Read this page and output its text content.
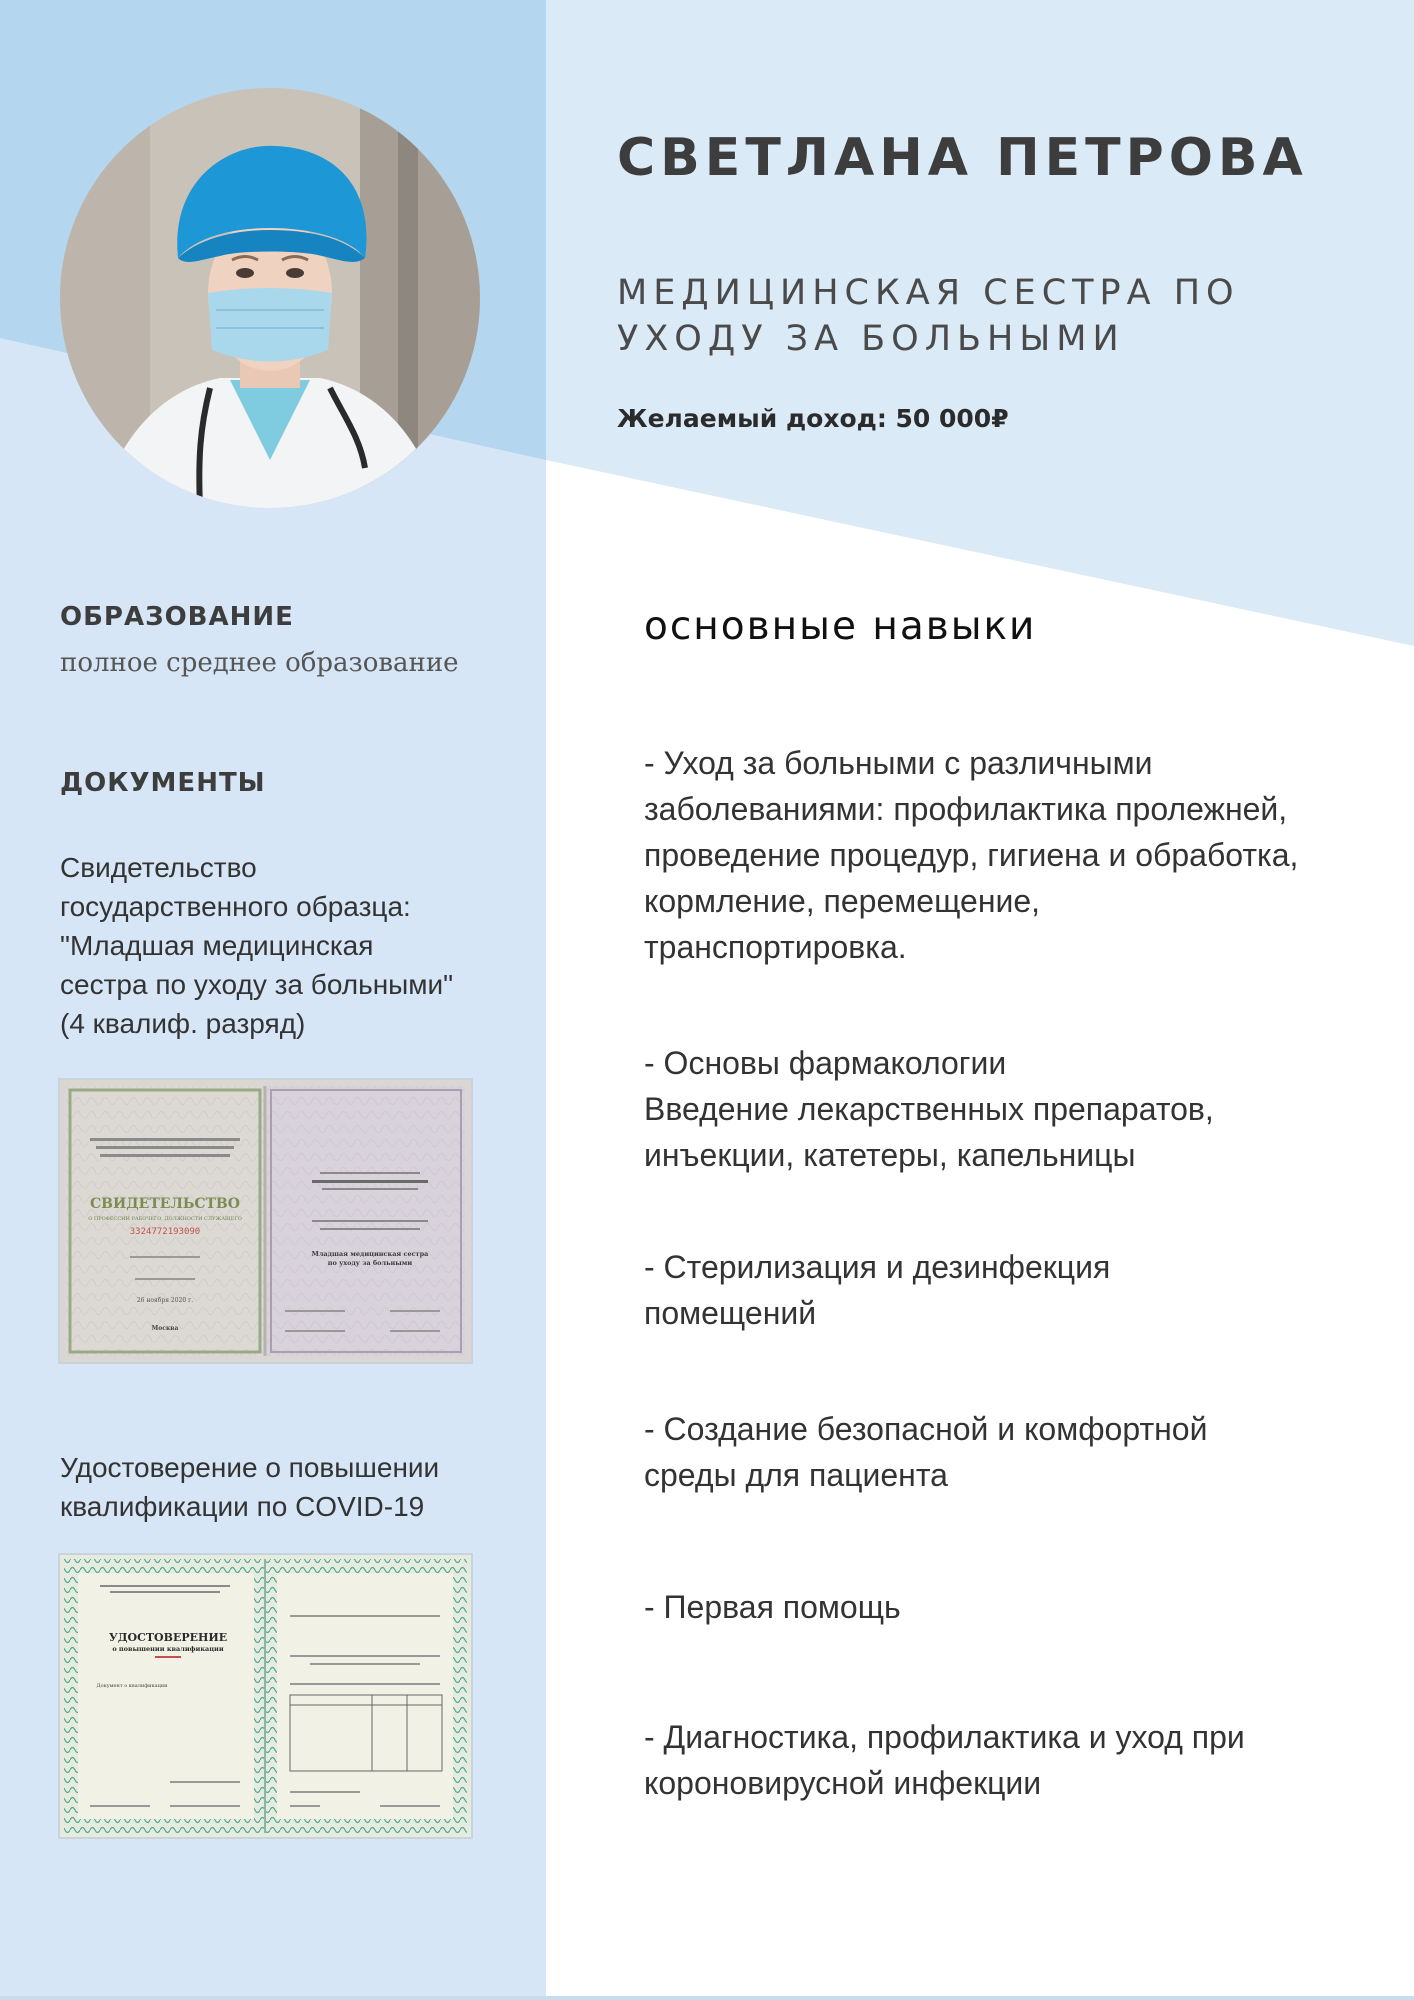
СВЕТЛАНА ПЕТРОВА
МЕДИЦИНСКАЯ СЕСТРА ПО УХОДУ ЗА БОЛЬНЫМИ
Желаемый доход: 50 000₽
ОБРАЗОВАНИЕ
полное среднее образование
ДОКУМЕНТЫ
Свидетельство
государственного образца:
"Младшая медицинская
сестра по уходу за больными"
(4 квалиф. разряд)
СВИДЕТЕЛЬСТВО
О ПРОФЕССИИ РАБОЧЕГО, ДОЛЖНОСТИ СЛУЖАЩЕГО
3324772193090
26 ноября 2020 г.
Москва
Младшая медицинская сестра
по уходу за больными
Удостоверение о повышении
квалификации по COVID-19
УДОСТОВЕРЕНИЕ
о повышении квалификации
Документ о квалификации
основные навыки
- Уход за больными с различными
заболеваниями: профилактика пролежней,
проведение процедур, гигиена и обработка,
кормление, перемещение,
транспортировка.
- Основы фармакологии
Введение лекарственных препаратов,
инъекции, катетеры, капельницы
- Стерилизация и дезинфекция
помещений
- Создание безопасной и комфортной
среды для пациента
- Первая помощь
- Диагностика, профилактика и уход при
короновирусной инфекции
